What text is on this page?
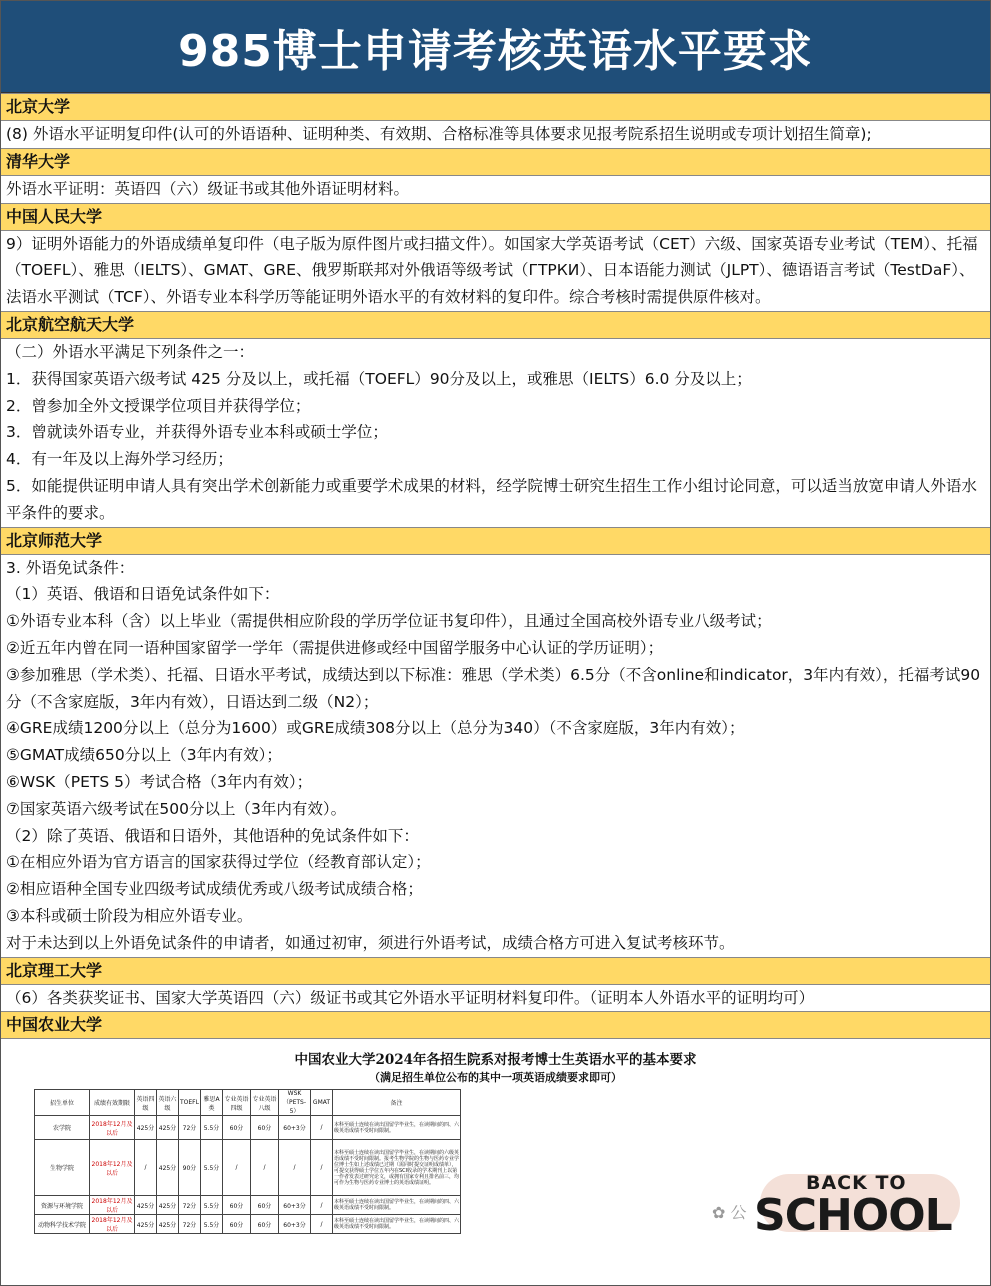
985博士申请考核英语水平要求
北京大学
(8) 外语水平证明复印件(认可的外语语种、证明种类、有效期、合格标准等具体要求见报考院系招生说明或专项计划招生简章);
清华大学
外语水平证明：英语四（六）级证书或其他外语证明材料。
中国人民大学
9）证明外语能力的外语成绩单复印件（电子版为原件图片或扫描文件）。如国家大学英语考试（CET）六级、国家英语专业考试（TEM）、托福（TOEFL）、雅思（IELTS）、GMAT、GRE、俄罗斯联邦对外俄语等级考试（ГТРКИ）、日本语能力测试（JLPT）、德语语言考试（TestDaF）、法语水平测试（TCF）、外语专业本科学历等能证明外语水平的有效材料的复印件。综合考核时需提供原件核对。
北京航空航天大学
（二）外语水平满足下列条件之一：
1．获得国家英语六级考试 425 分及以上，或托福（TOEFL）90分及以上，或雅思（IELTS）6.0 分及以上；
2．曾参加全外文授课学位项目并获得学位；
3．曾就读外语专业，并获得外语专业本科或硕士学位；
4．有一年及以上海外学习经历；
5．如能提供证明申请人具有突出学术创新能力或重要学术成果的材料，经学院博士研究生招生工作小组讨论同意，可以适当放宽申请人外语水平条件的要求。
北京师范大学
3. 外语免试条件：
（1）英语、俄语和日语免试条件如下：
①外语专业本科（含）以上毕业（需提供相应阶段的学历学位证书复印件），且通过全国高校外语专业八级考试；
②近五年内曾在同一语种国家留学一学年（需提供进修或经中国留学服务中心认证的学历证明）；
③参加雅思（学术类）、托福、日语水平考试，成绩达到以下标准：雅思（学术类）6.5分（不含online和indicator，3年内有效），托福考试90分（不含家庭版，3年内有效），日语达到二级（N2）；
④GRE成绩1200分以上（总分为1600）或GRE成绩308分以上（总分为340）（不含家庭版，3年内有效）；
⑤GMAT成绩650分以上（3年内有效）；
⑥WSK（PETS 5）考试合格（3年内有效）；
⑦国家英语六级考试在500分以上（3年内有效）。
（2）除了英语、俄语和日语外，其他语种的免试条件如下：
①在相应外语为官方语言的国家获得过学位（经教育部认定）；
②相应语种全国专业四级考试成绩优秀或八级考试成绩合格；
③本科或硕士阶段为相应外语专业。
对于未达到以上外语免试条件的申请者，如通过初审，须进行外语考试，成绩合格方可进入复试考核环节。
北京理工大学
（6）各类获奖证书、国家大学英语四（六）级证书或其它外语水平证明材料复印件。（证明本人外语水平的证明均可）
中国农业大学
中国农业大学2024年各招生院系对报考博士生英语水平的基本要求
（满足招生单位公布的其中一项英语成绩要求即可）
招生单位	成绩有效期限	英语四级	英语六级	TOEFL	雅思A类	专业英语四级	专业英语八级	WSK（PETS-5）	GMAT	备注
农学院	2018年12月及以后	425分	425分	72分	5.5分	60分	60分	60+3分	/	本科至硕士连续在读出国留学毕业生，在读期间的四、六级英语成绩不受时间限制。
生物学院	2018年12月及以后	/	425分	90分	5.5分	/	/	/	/	本科至硕士连续在读出国留学毕业生，在读期间的六级英语成绩不受时间限制。报考生物学院的生物与医药专业学位博士生如上述成绩已过期（需同时提交证明成绩单），可提交获得硕士学位五年内在SCI收录的学术期刊上以第一作者发表过研究论文，或拥有国家专利且排名前三，均可作为生物与医药专业博士的英语成绩证明。
资源与环境学院	2018年12月及以后	425分	425分	72分	5.5分	60分	60分	60+3分	/	本科至硕士连续在读出国留学毕业生，在读期间的四、六级英语成绩不受时间限制。
动物科学技术学院	2018年12月及以后	425分	425分	72分	5.5分	60分	60分	60+3分	/	本科至硕士连续在读出国留学毕业生，在读期间的四、六级英语成绩不受时间限制。
✿ 公
BACK TO
SCHOOL
